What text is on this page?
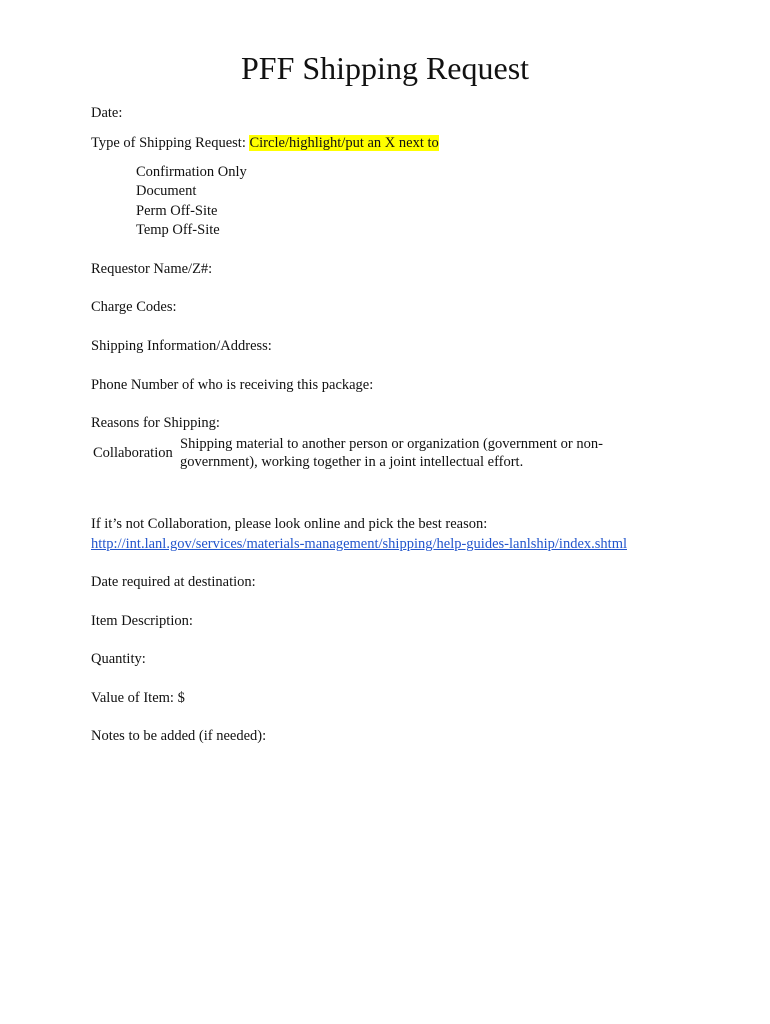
PFF Shipping Request
Date:
Type of Shipping Request: Circle/highlight/put an X next to
Confirmation Only
Document
Perm Off-Site
Temp Off-Site
Requestor Name/Z#:
Charge Codes:
Shipping Information/Address:
Phone Number of who is receiving this package:
Reasons for Shipping:
Collaboration
Shipping material to another person or organization (government or non-government), working together in a joint intellectual effort.
If it’s not Collaboration, please look online and pick the best reason:
http://int.lanl.gov/services/materials-management/shipping/help-guides-lanlship/index.shtml
Date required at destination:
Item Description:
Quantity:
Value of Item: $
Notes to be added (if needed):
